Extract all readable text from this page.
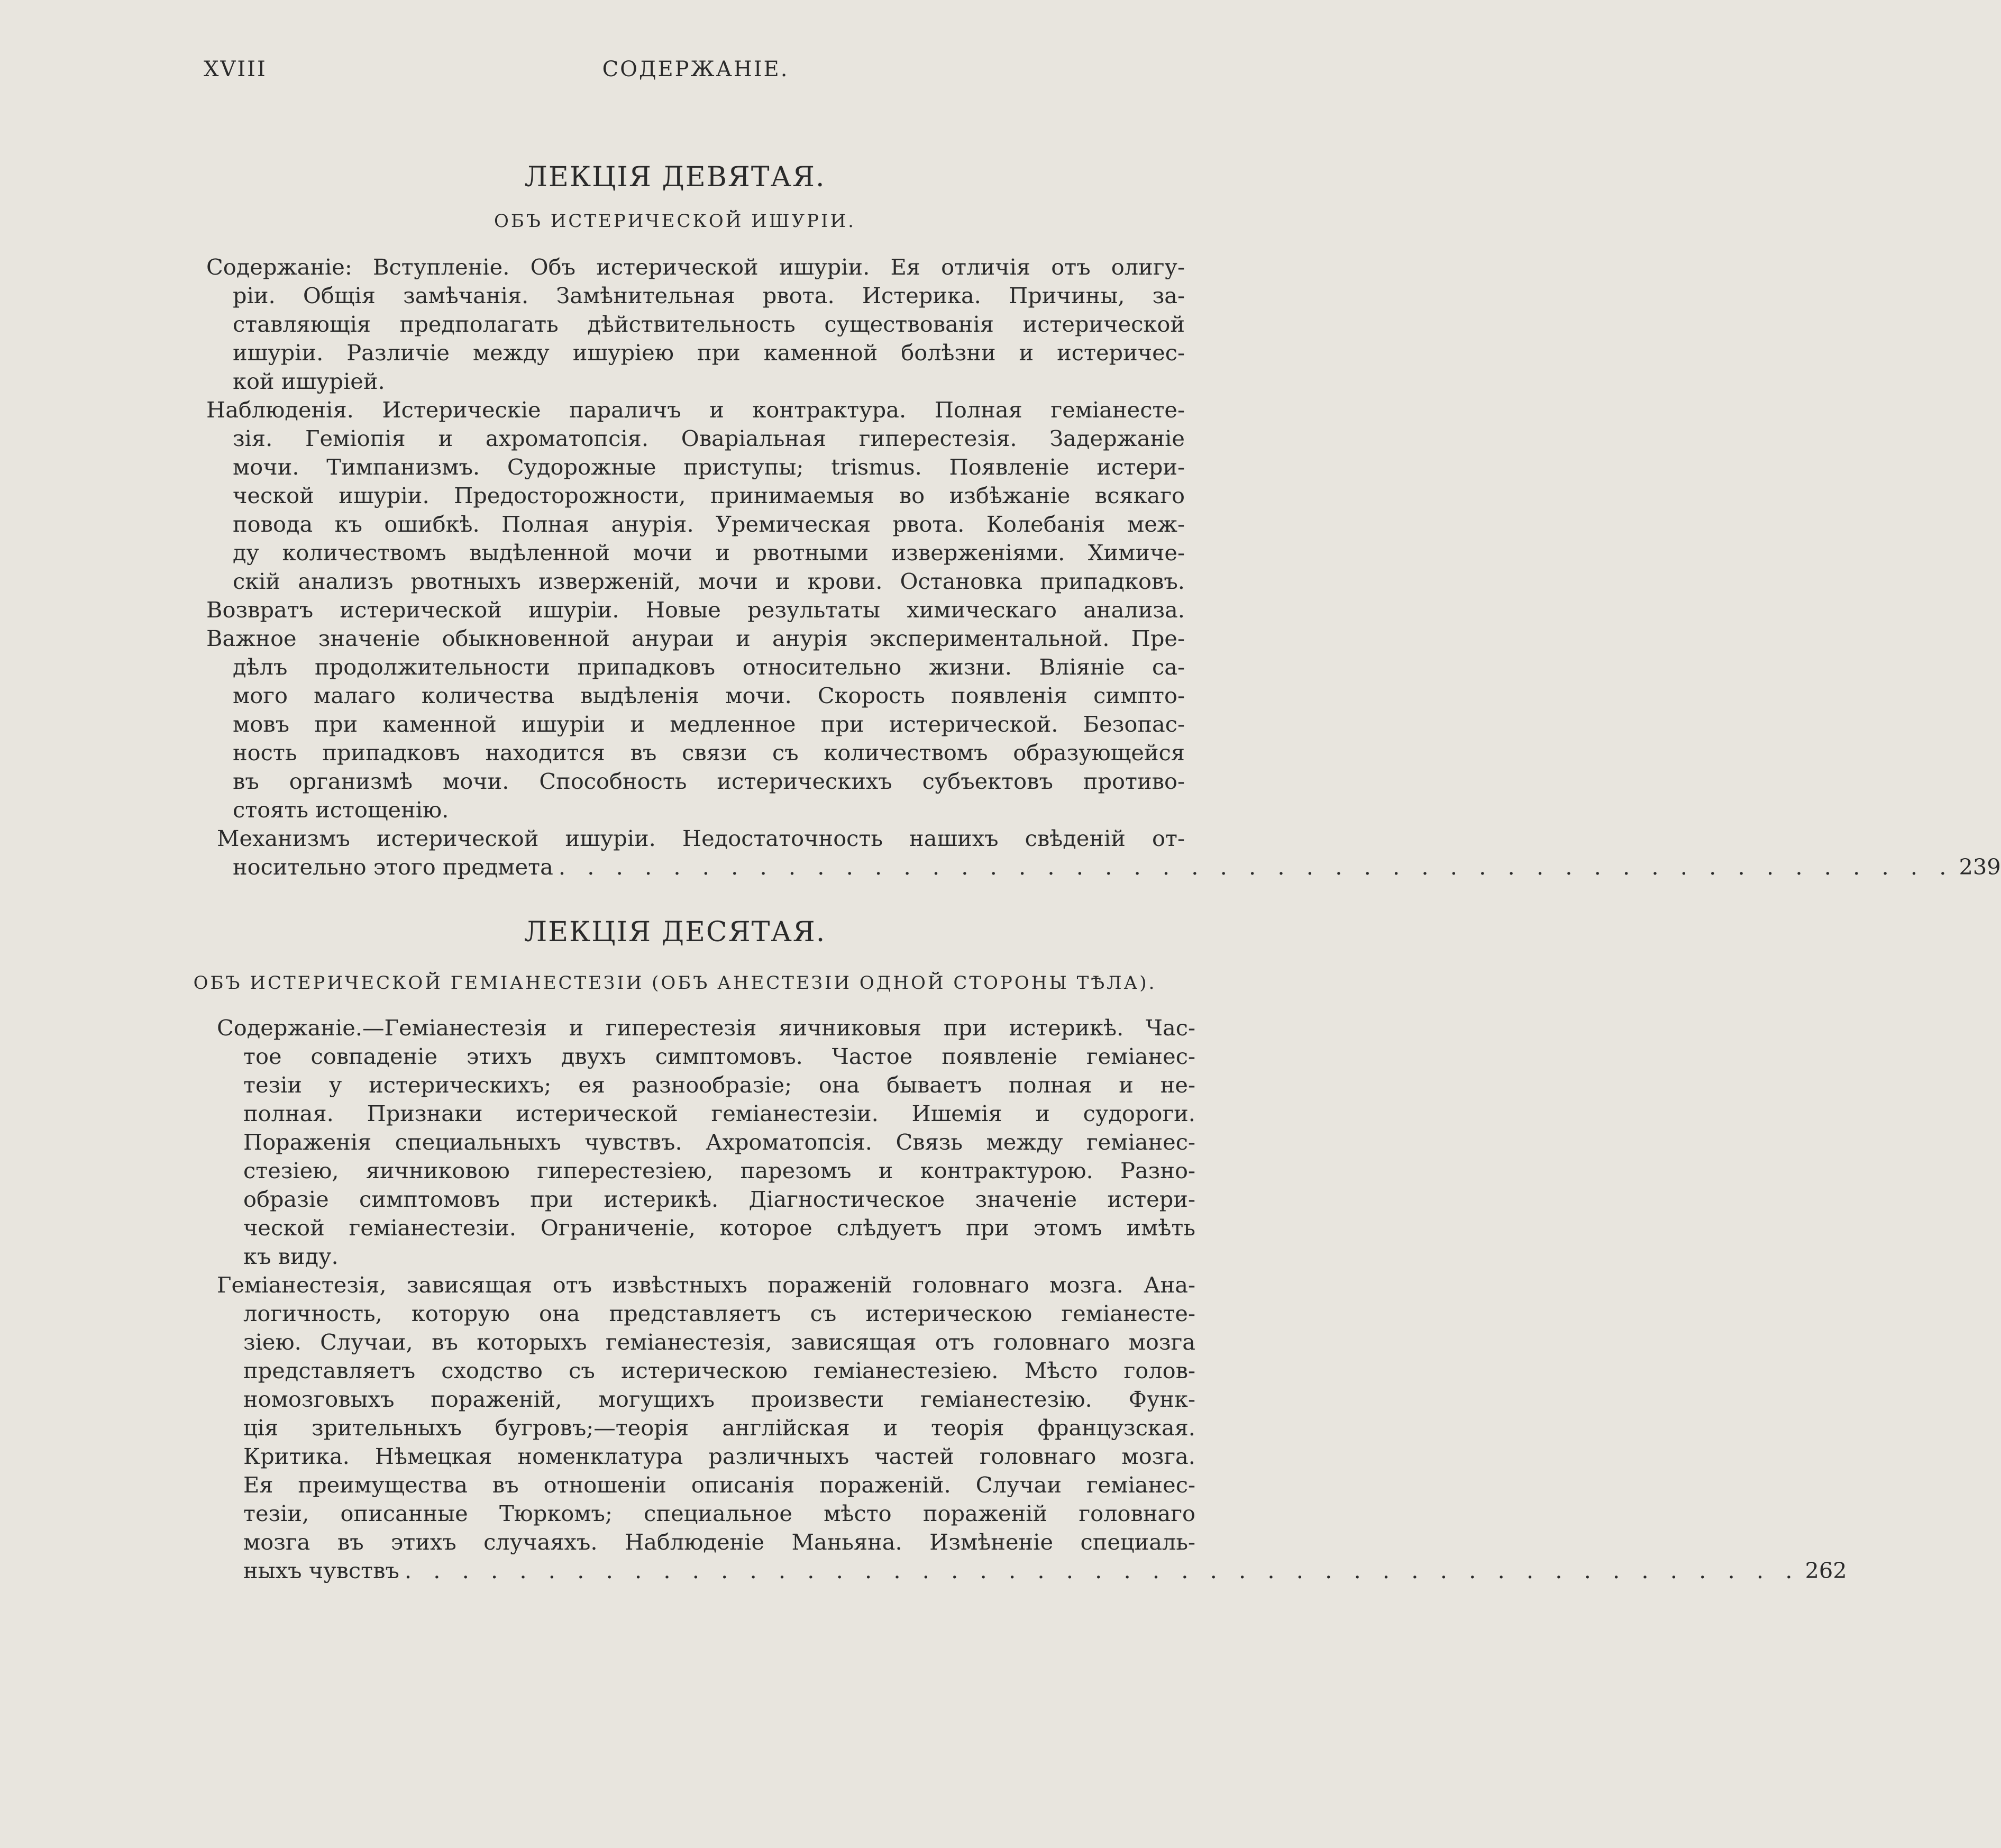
XVIII	СОДЕРЖАНІЕ.
ЛЕКЦІЯ ДЕВЯТАЯ.
ОБЪ ИСТЕРИЧЕСКОЙ ИШУРІИ.
Содержаніе: Вступленіе. Объ истерической ишуріи. Ея отличія отъ олигу-
ріи. Общія замѣчанія. Замѣнительная рвота. Истерика. Причины, за-
ставляющія предполагать дѣйствительность существованія истерической
ишуріи. Различіе между ишуріею при каменной болѣзни и истеричес-
кой ишуріей.
Наблюденія. Истерическіе параличъ и контрактура. Полная геміанесте-
зія. Геміопія и ахроматопсія. Оваріальная гиперестезія. Задержаніе
мочи. Тимпанизмъ. Судорожные приступы; trismus. Появленіе истери-
ческой ишуріи. Предосторожности, принимаемыя во избѣжаніе всякаго
повода къ ошибкѣ. Полная анурія. Уремическая рвота. Колебанія меж-
ду количествомъ выдѣленной мочи и рвотными изверженіями. Химиче-
скій анализъ рвотныхъ изверженій, мочи и крови. Остановка припадковъ.
Возвратъ истерической ишуріи. Новые результаты химическаго анализа.
Важное значеніе обыкновенной анураи и анурія экспериментальной. Пре-
дѣлъ продолжительности припадковъ относительно жизни. Вліяніе са-
мого малаго количества выдѣленія мочи. Скорость появленія симпто-
мовъ при каменной ишуріи и медленное при истерической. Безопас-
ность припадковъ находится въ связи съ количествомъ образующейся
въ организмѣ мочи. Способность истерическихъ субъектовъ противо-
стоять истощенію.
Механизмъ истерической ишуріи. Недостаточность нашихъ свѣденій от-
носительно этого предмета . . . . . . . . . . . . . . . . . . . . . . . . . . . . . . . . . . . . . . . . . . . . . . . . . 239
ЛЕКЦІЯ ДЕСЯТАЯ.
ОБЪ ИСТЕРИЧЕСКОЙ ГЕМІАНЕСТЕЗІИ (ОБЪ АНЕСТЕЗІИ ОДНОЙ СТОРОНЫ ТѢЛА).
Содержаніе.—Геміанестезія и гиперестезія яичниковыя при истерикѣ. Час-
тое совпаденіе этихъ двухъ симптомовъ. Частое появленіе геміанес-
тезіи у истерическихъ; ея разнообразіе; она бываетъ полная и не-
полная. Признаки истерической геміанестезіи. Ишемія и судороги.
Пораженія специальныхъ чувствъ. Ахроматопсія. Связь между геміанес-
стезіею, яичниковою гиперестезіею, парезомъ и контрактурою. Разно-
образіе симптомовъ при истерикѣ. Діагностическое значеніе истери-
ческой геміанестезіи. Ограниченіе, которое слѣдуетъ при этомъ имѣть
къ виду.
Геміанестезія, зависящая отъ извѣстныхъ пораженій головнаго мозга. Ана-
логичность, которую она представляетъ съ истерическою геміанесте-
зіею. Случаи, въ которыхъ геміанестезія, зависящая отъ головнаго мозга
представляетъ сходство съ истерическою геміанестезіею. Мѣсто голов-
номозговыхъ пораженій, могущихъ произвести геміанестезію. Функ-
ція зрительныхъ бугровъ;—теорія англійская и теорія французская.
Критика. Нѣмецкая номенклатура различныхъ частей головнаго мозга.
Ея преимущества въ отношеніи описанія пораженій. Случаи геміанес-
тезіи, описанные Тюркомъ; специальное мѣсто пораженій головнаго
мозга въ этихъ случаяхъ. Наблюденіе Маньяна. Измѣненіе специаль-
ныхъ чувствъ . . . . . . . . . . . . . . . . . . . . . . . . . . . . . . . . . . . . . . . . . . . . . . . . . 262
